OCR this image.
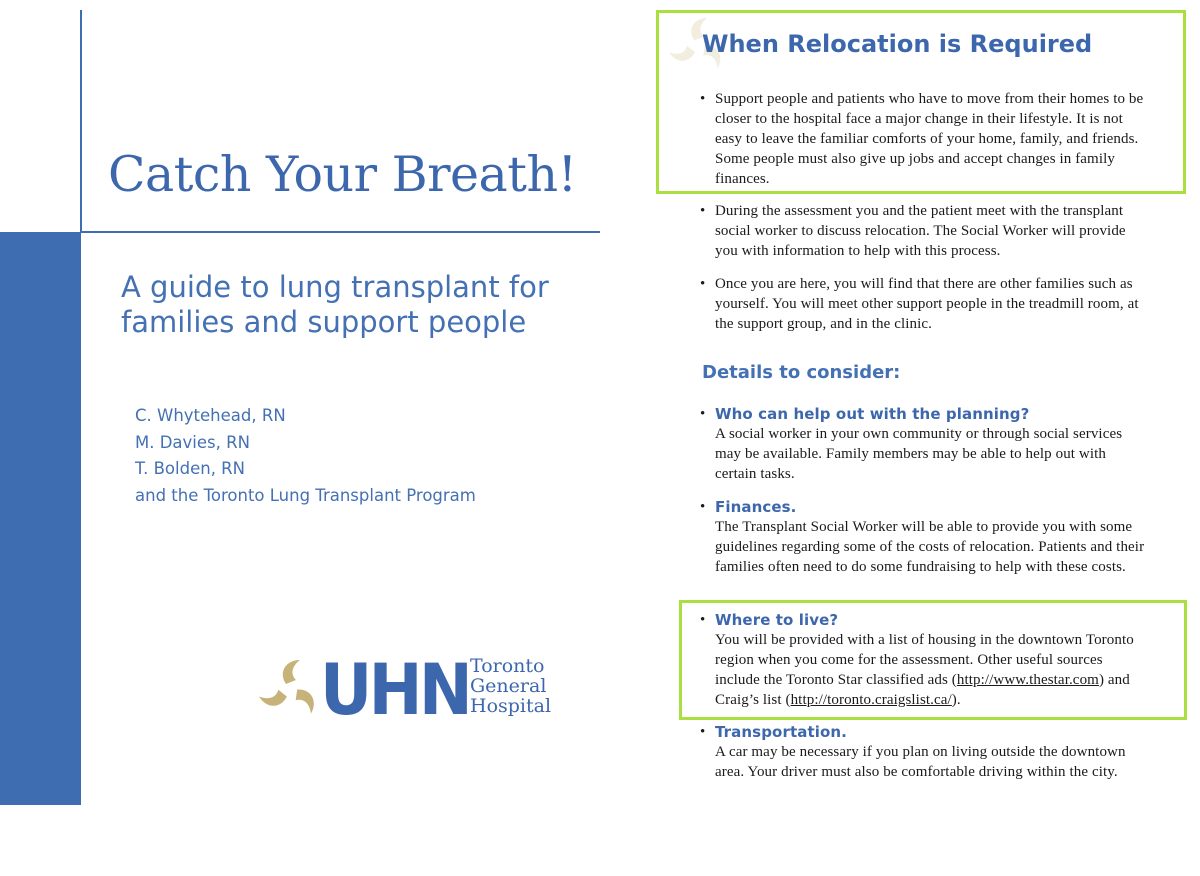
Catch Your Breath!
A guide to lung transplant for families and support people
C. Whytehead, RN
M. Davies, RN
T. Bolden, RN
and the Toronto Lung Transplant Program
UHN Toronto
General
Hospital
When Relocation is Required
• Support people and patients who have to move from their homes to be closer to the hospital face a major change in their lifestyle. It is not easy to leave the familiar comforts of your home, family, and friends. Some people must also give up jobs and accept changes in family finances.
• During the assessment you and the patient meet with the transplant social worker to discuss relocation. The Social Worker will provide you with information to help with this process.
• Once you are here, you will find that there are other families such as yourself. You will meet other support people in the treadmill room, at the support group, and in the clinic.
Details to consider:
• Who can help out with the planning?
A social worker in your own community or through social services may be available. Family members may be able to help out with certain tasks.
• Finances.
The Transplant Social Worker will be able to provide you with some guidelines regarding some of the costs of relocation. Patients and their families often need to do some fundraising to help with these costs.
• Where to live?
You will be provided with a list of housing in the downtown Toronto region when you come for the assessment. Other useful sources include the Toronto Star classified ads (http://www.thestar.com) and Craig’s list (http://toronto.craigslist.ca/).
• Transportation.
A car may be necessary if you plan on living outside the downtown area. Your driver must also be comfortable driving within the city.
